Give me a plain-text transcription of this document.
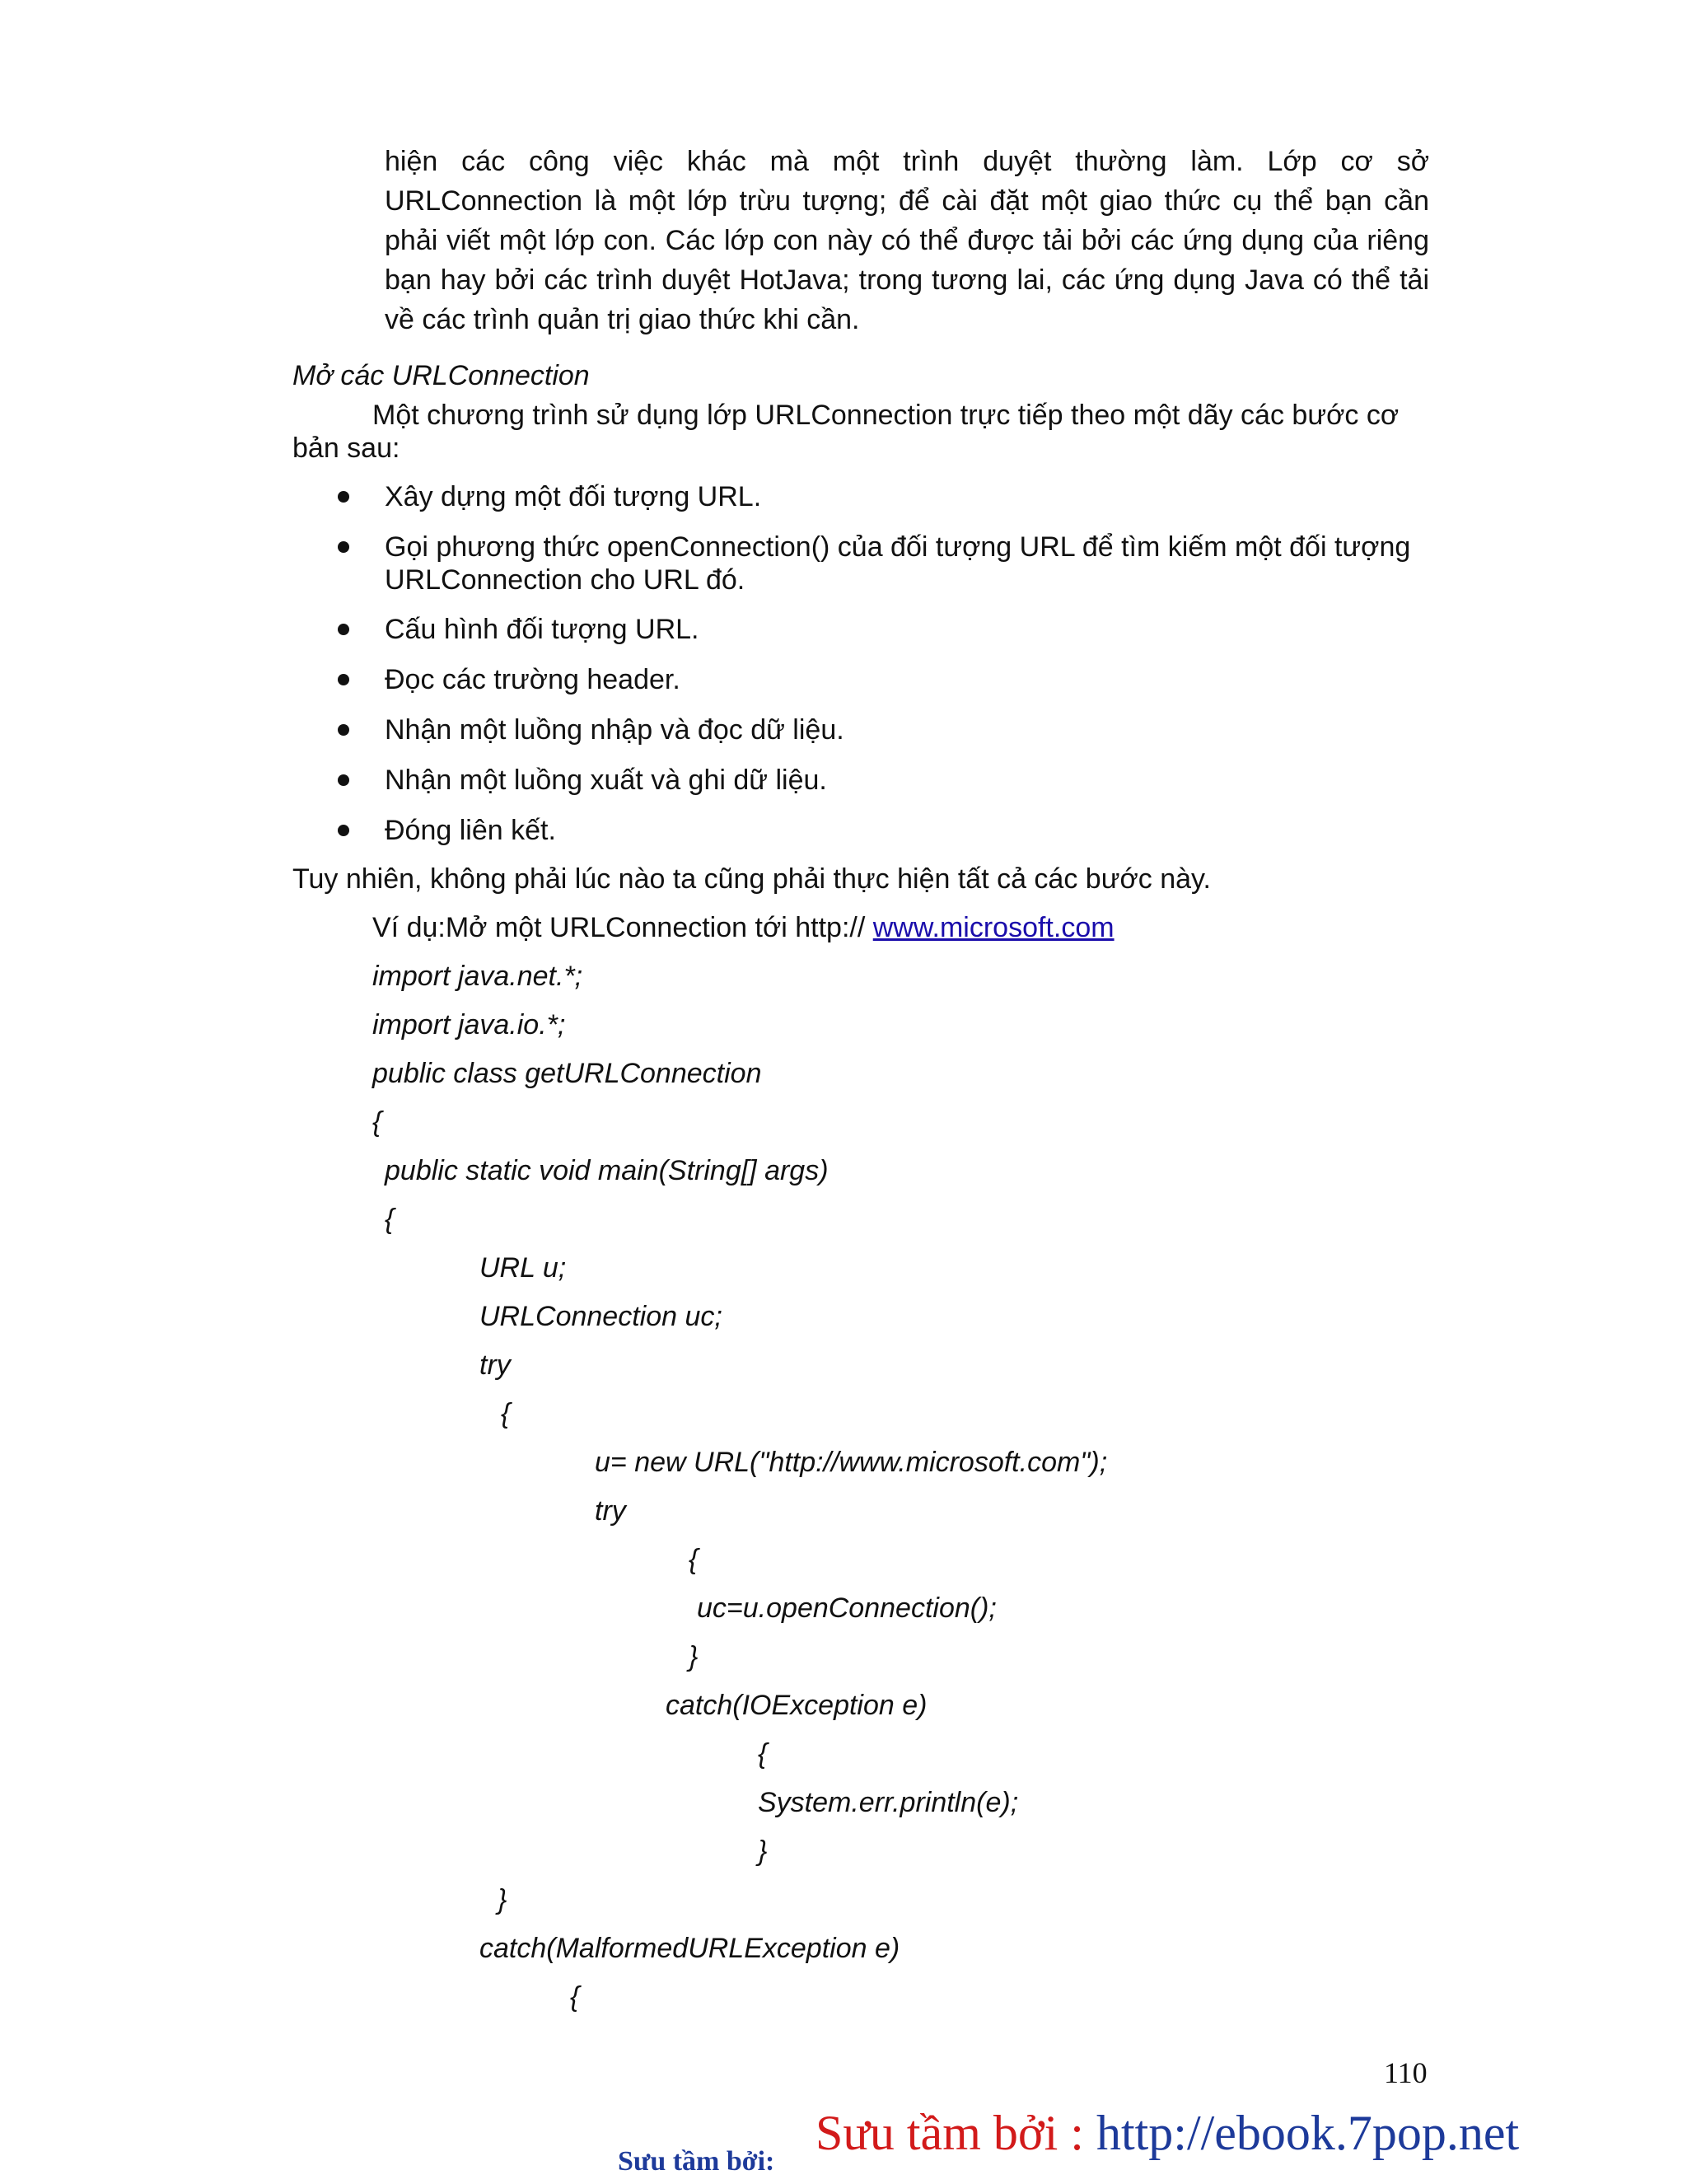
hiện các công việc khác mà một trình duyệt thường làm. Lớp cơ sở
URLConnection là một lớp trừu tượng; để cài đặt một giao thức cụ thể bạn cần
phải viết một lớp con. Các lớp con này có thể được tải bởi các ứng dụng của riêng
bạn hay bởi các trình duyệt HotJava; trong tương lai, các ứng dụng Java có thể tải
về các trình quản trị giao thức khi cần.
Mở các URLConnection
Một chương trình sử dụng lớp URLConnection trực tiếp theo một dãy các bước cơ
bản sau:
Xây dựng một đối tượng URL.
Gọi phương thức openConnection() của đối tượng URL để tìm kiếm một đối tượng
URLConnection cho URL đó.
Cấu hình đối tượng URL.
Đọc các trường header.
Nhận một luồng nhập và đọc dữ liệu.
Nhận một luồng xuất và ghi dữ liệu.
Đóng liên kết.
Tuy nhiên, không phải lúc nào ta cũng phải thực hiện tất cả các bước này.
Ví dụ:Mở một URLConnection tới http:// www.microsoft.com
import java.net.*;
import java.io.*;
public class getURLConnection
{
public static void main(String[] args)
{
URL u;
URLConnection uc;
try
{
u= new URL("http://www.microsoft.com");
try
{
uc=u.openConnection();
}
catch(IOException e)
{
System.err.println(e);
}
}
catch(MalformedURLException e)
{
110
Sưu tầm bởi : http://ebook.7pop.net
Sưu tầm bởi:
